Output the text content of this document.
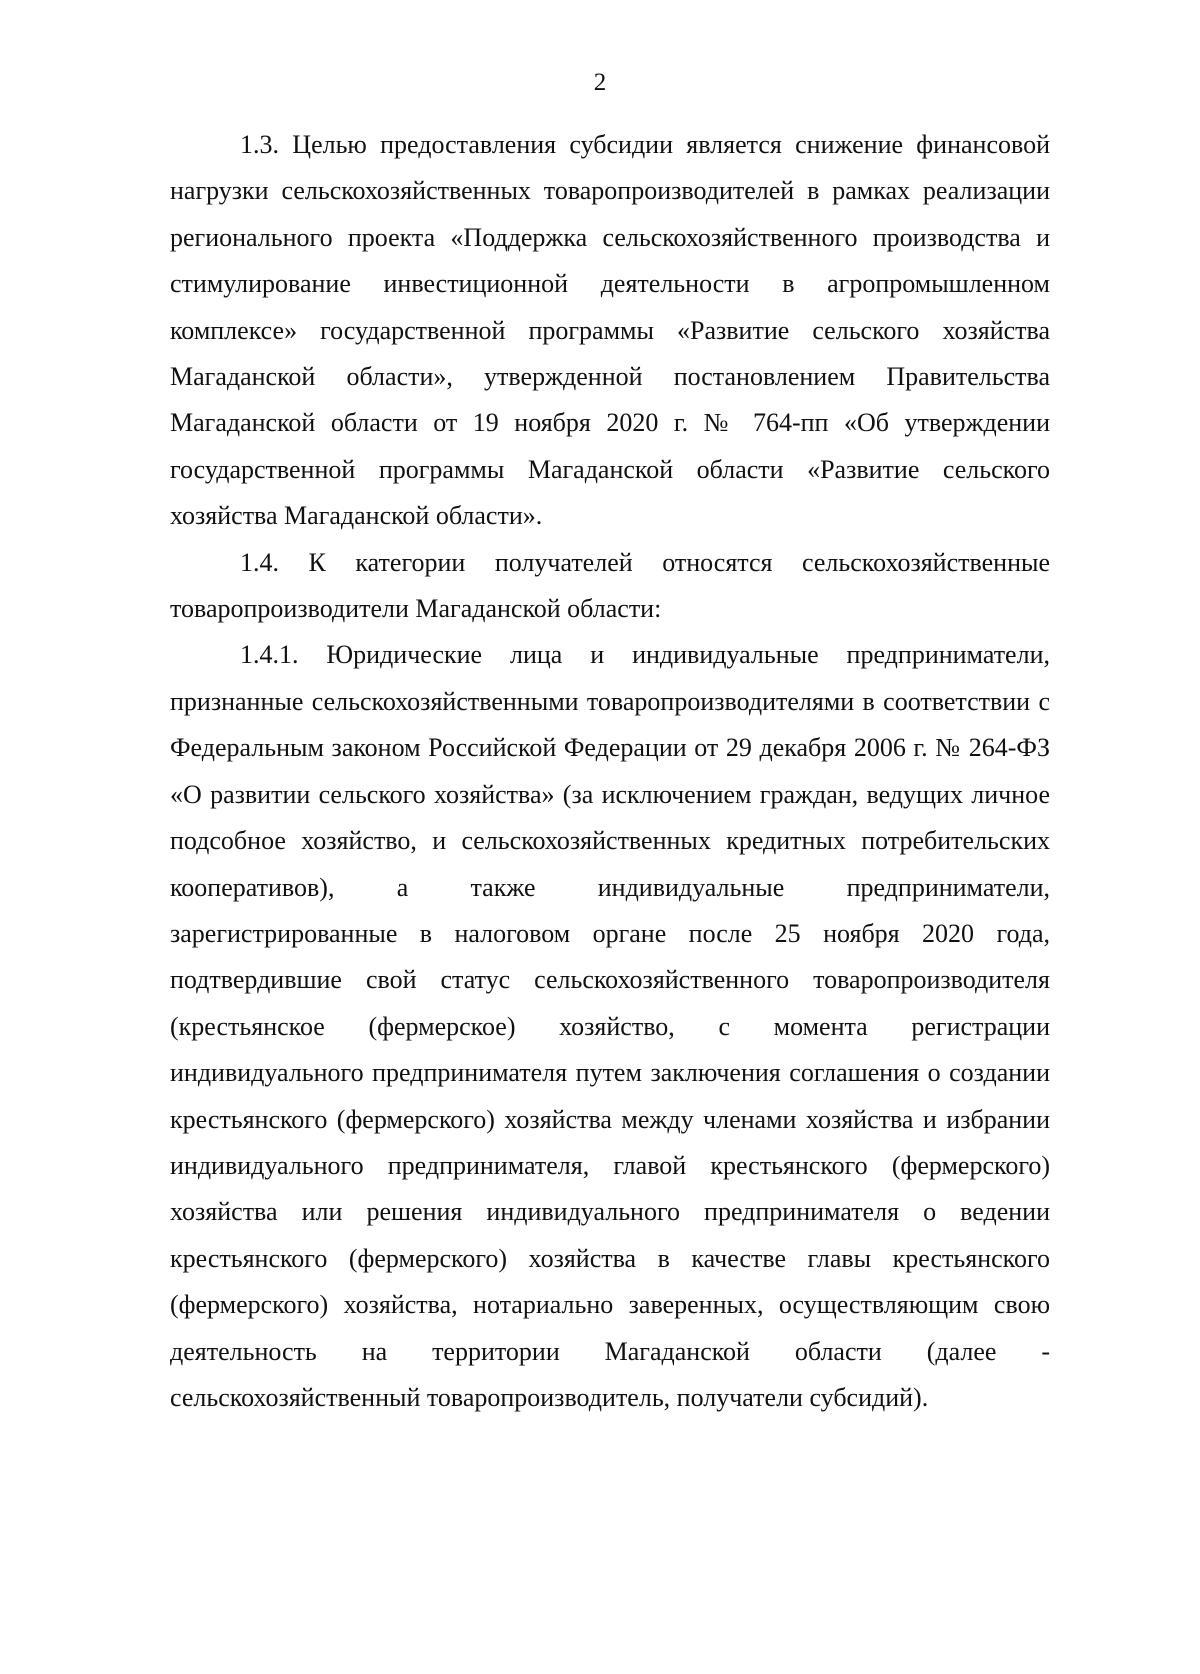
2

1.3. Целью предоставления субсидии является снижение финансовой нагрузки сельскохозяйственных товаропроизводителей в рамках реализации регионального проекта «Поддержка сельскохозяйственного производства и стимулирование инвестиционной деятельности в агропромышленном комплексе» государственной программы «Развитие сельского хозяйства Магаданской области», утвержденной постановлением Правительства Магаданской области от 19 ноября 2020 г. № 764-пп «Об утверждении государственной программы Магаданской области «Развитие сельского хозяйства Магаданской области».

1.4. К категории получателей относятся сельскохозяйственные товаропроизводители Магаданской области:

1.4.1. Юридические лица и индивидуальные предприниматели, признанные сельскохозяйственными товаропроизводителями в соответствии с Федеральным законом Российской Федерации от 29 декабря 2006 г. № 264-ФЗ «О развитии сельского хозяйства» (за исключением граждан, ведущих личное подсобное хозяйство, и сельскохозяйственных кредитных потребительских кооперативов), а также индивидуальные предприниматели, зарегистрированные в налоговом органе после 25 ноября 2020 года, подтвердившие свой статус сельскохозяйственного товаропроизводителя (крестьянское (фермерское) хозяйство, с момента регистрации индивидуального предпринимателя путем заключения соглашения о создании крестьянского (фермерского) хозяйства между членами хозяйства и избрании индивидуального предпринимателя, главой крестьянского (фермерского) хозяйства или решения индивидуального предпринимателя о ведении крестьянского (фермерского) хозяйства в качестве главы крестьянского (фермерского) хозяйства, нотариально заверенных, осуществляющим свою деятельность на территории Магаданской области (далее - сельскохозяйственный товаропроизводитель, получатели субсидий).
